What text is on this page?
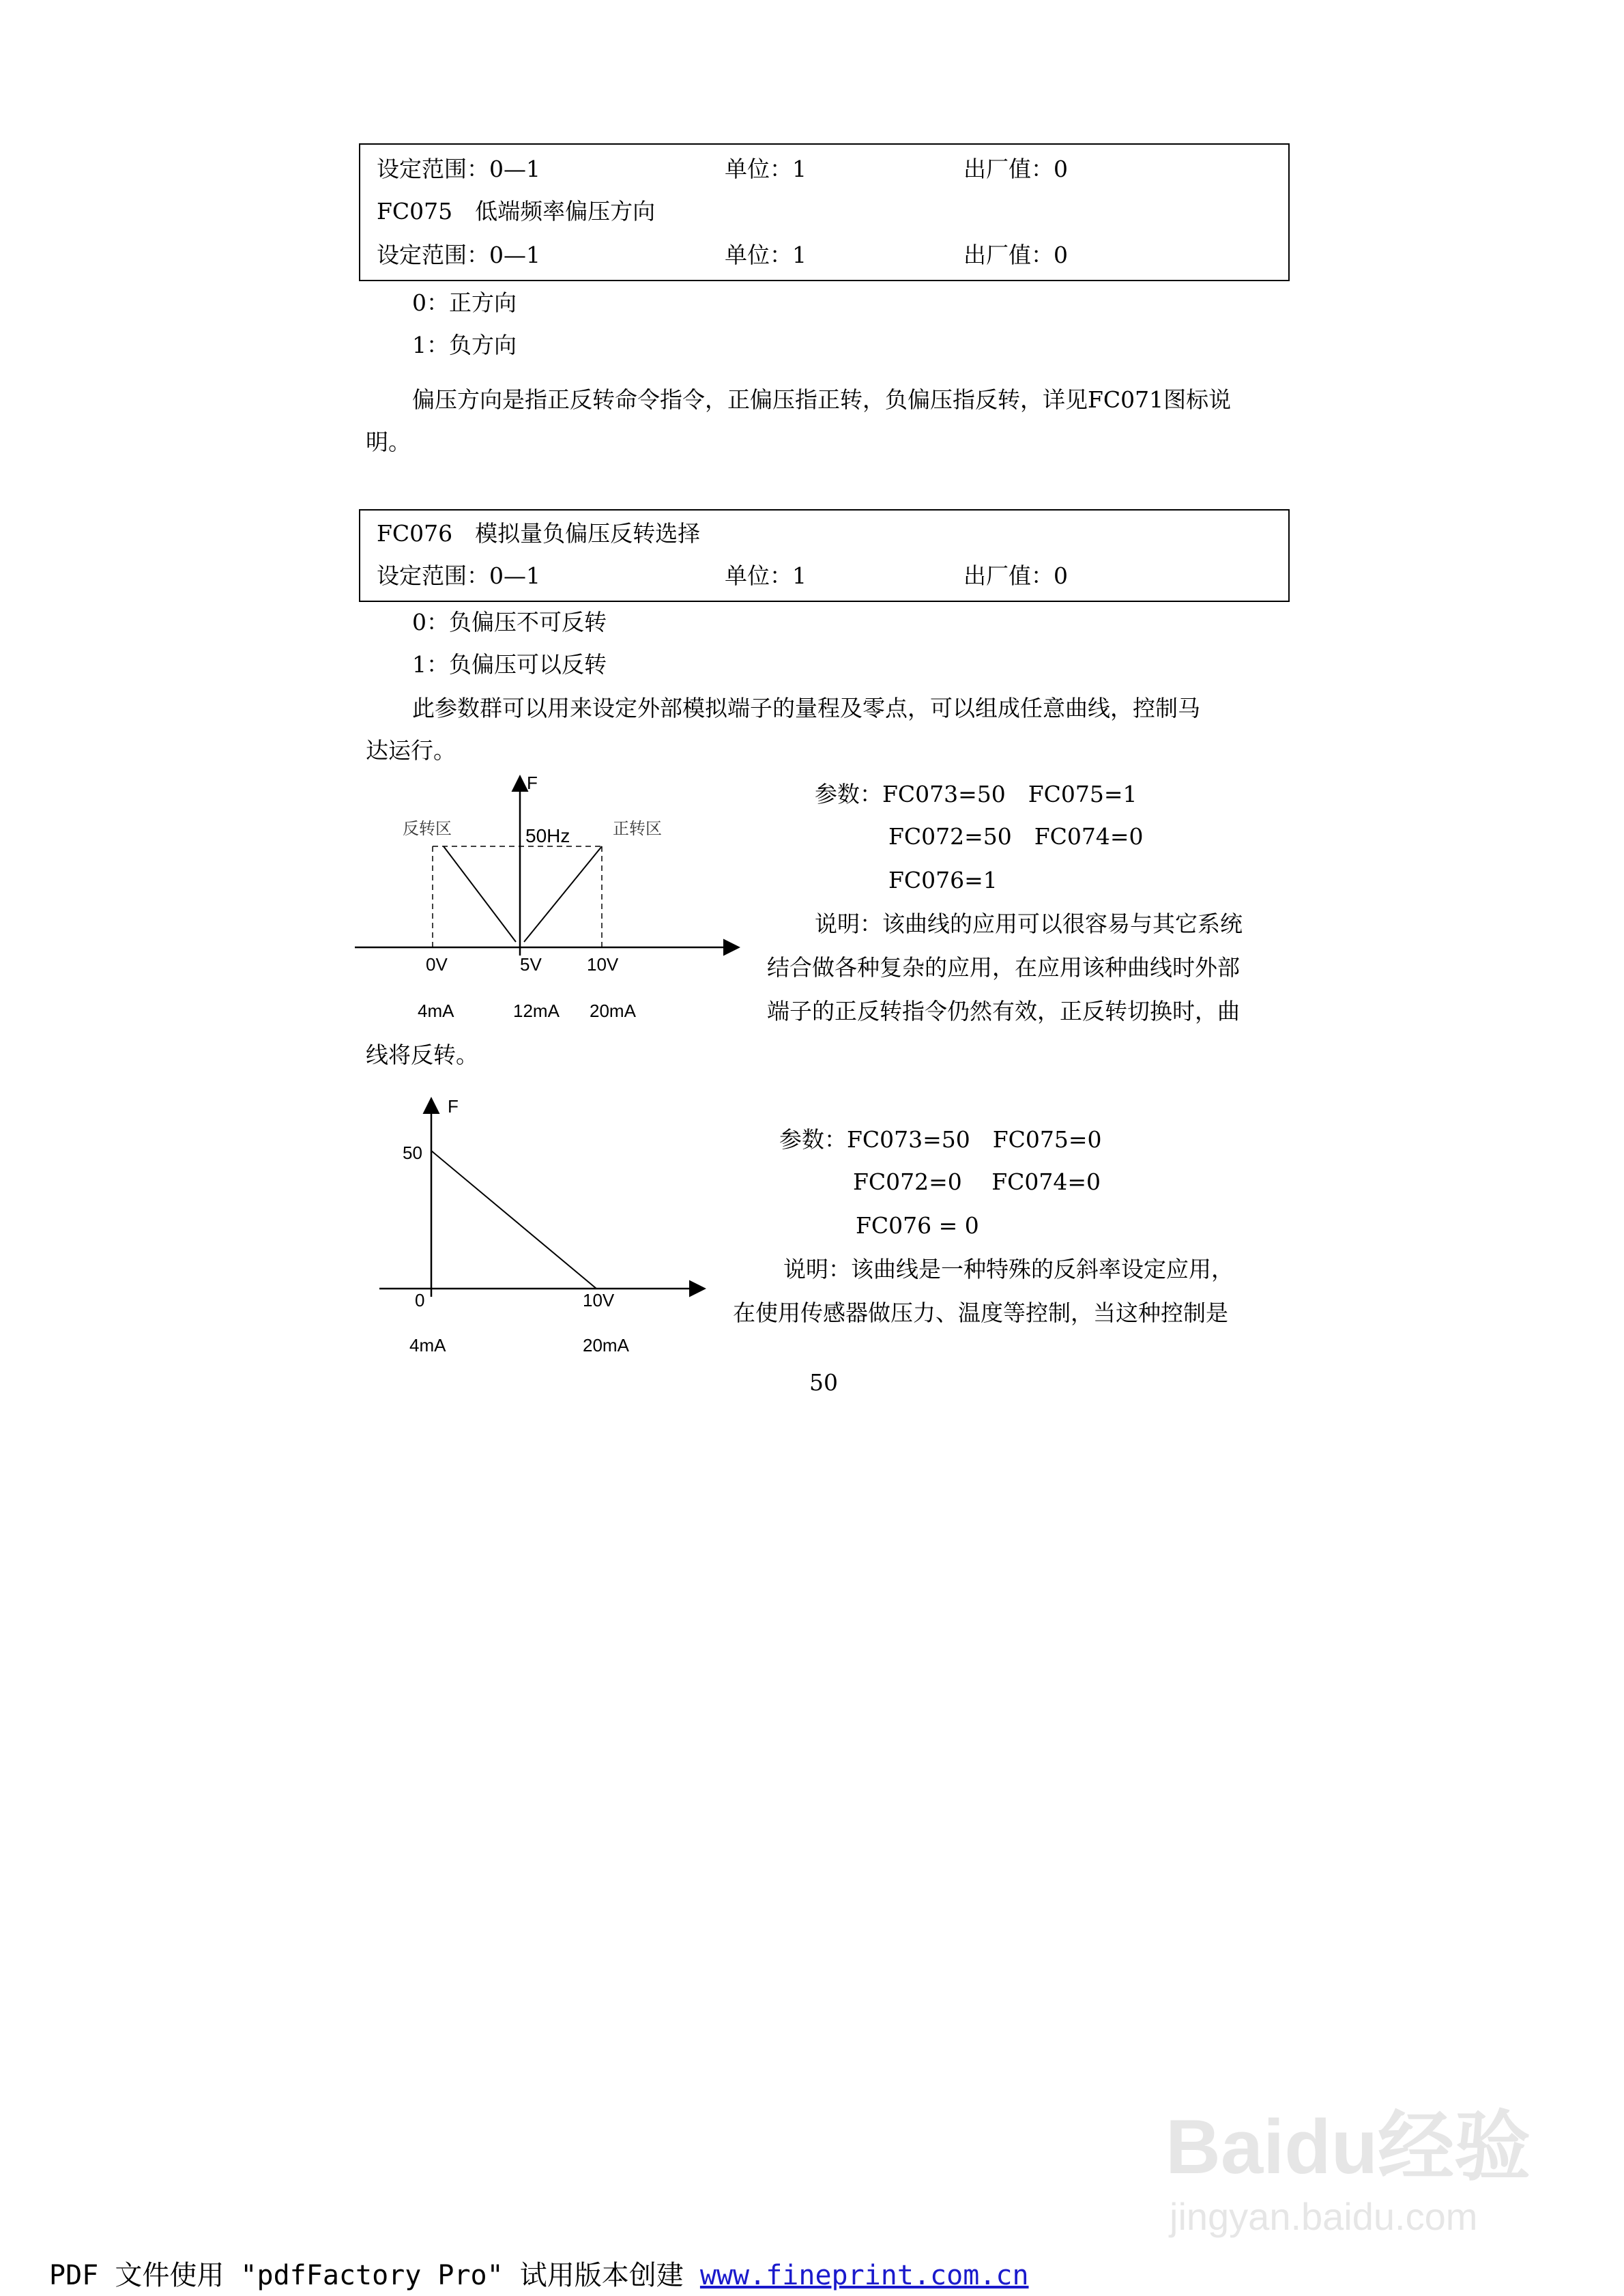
设定范围：0—1	单位：1	出厂值：0
FC075　低端频率偏压方向
设定范围：0—1	单位：1	出厂值：0
0：正方向
1：负方向
偏压方向是指正反转命令指令，正偏压指正转，负偏压指反转，详见FC071图标说
明。
FC076　模拟量负偏压反转选择
设定范围：0—1	单位：1	出厂值：0
0：负偏压不可反转
1：负偏压可以反转
此参数群可以用来设定外部模拟端子的量程及零点，可以组成任意曲线，控制马
达运行。
F
反转区	正转区
50Hz
0V	5V	10V
4mA	12mA 20mA
参数：FC073=50　FC075=1
FC072=50　FC074=0
FC076=1
说明：该曲线的应用可以很容易与其它系统
结合做各种复杂的应用，在应用该种曲线时外部
端子的正反转指令仍然有效，正反转切换时，曲
线将反转。
F
50
0	10V
4mA	20mA
参数：FC073=50　FC075=0
FC072=0　 FC074=0
FC076 = 0
说明：该曲线是一种特殊的反斜率设定应用，
在使用传感器做压力、温度等控制，当这种控制是
50
Baidu经验
jingyan.baidu.com
PDF 文件使用 "pdfFactory Pro" 试用版本创建 www.fineprint.com.cn
